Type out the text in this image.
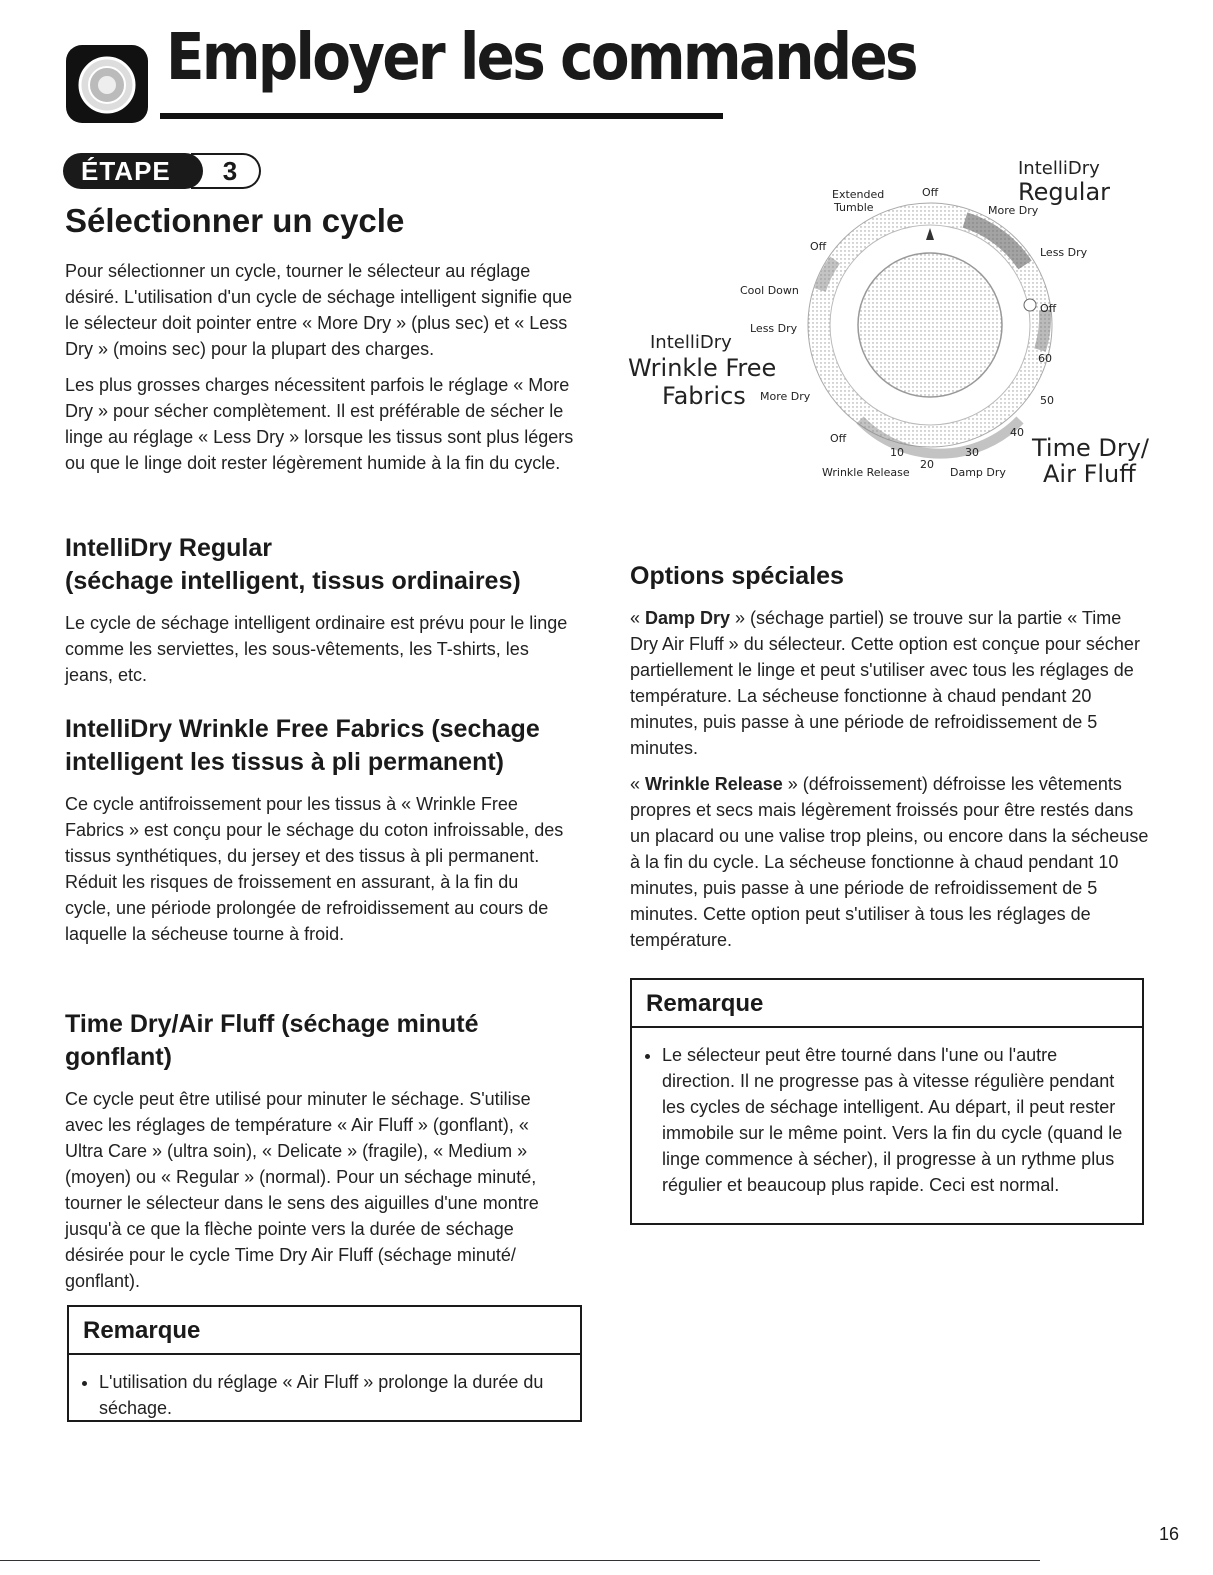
Employer les commandes
3
ÉTAPE
Sélectionner un cycle

Pour sélectionner un cycle, tourner le sélecteur au réglage désiré. L'utilisation d'un cycle de séchage intelligent signifie que le sélecteur doit pointer entre « More Dry » (plus sec) et « Less Dry » (moins sec) pour la plupart des charges.

Les plus grosses charges nécessitent parfois le réglage « More Dry » pour sécher complètement. Il est préférable de sécher le linge au réglage « Less Dry » lorsque les tissus sont plus légers ou que le linge doit rester légèrement humide à la fin du cycle.

IntelliDry Regular

(séchage intelligent, tissus ordinaires)

Le cycle de séchage intelligent ordinaire est prévu pour le linge comme les serviettes, les sous-vêtements, les T-shirts, les jeans, etc.

IntelliDry Wrinkle Free Fabrics (sechage intelligent les tissus à pli permanent)

Ce cycle antifroissement pour les tissus à « Wrinkle Free Fabrics » est conçu pour le séchage du coton infroissable, des tissus synthétiques, du jersey et des tissus à pli permanent. Réduit les risques de froissement en assurant, à la fin du cycle, une période prolongée de refroidissement au cours de laquelle la sécheuse tourne à froid.

Time Dry/Air Fluff (séchage minuté gonflant)

Ce cycle peut être utilisé pour minuter le séchage. S'utilise avec les réglages de température « Air Fluff » (gonflant), « Ultra Care » (ultra soin), « Delicate » (fragile), « Medium » (moyen) ou « Regular » (normal). Pour un séchage minuté, tourner le sélecteur dans le sens des aiguilles d'une montre jusqu'à ce que la flèche pointe vers la durée de séchage désirée pour le cycle Time Dry Air Fluff (séchage minuté/ gonflant).

Remarque
• L'utilisation du réglage « Air Fluff » prolonge la durée du séchage.
IntelliDry
Regular
Extended
Tumble
Off
More Dry
Less Dry
Off
Cool Down
Off
Less Dry
IntelliDry
Wrinkle Free
Fabrics More Dry
60
50
40
Off
10
20
30
Wrinkle Release	Damp Dry
Time Dry/
Air Fluff

Options spéciales

« Damp Dry » (séchage partiel) se trouve sur la partie « Time Dry Air Fluff » du sélecteur. Cette option est conçue pour sécher partiellement le linge et peut s'utiliser avec tous les réglages de température. La sécheuse fonctionne à chaud pendant 20 minutes, puis passe à une période de refroidissement de 5 minutes.

« Wrinkle Release » (défroissement) défroisse les vêtements propres et secs mais légèrement froissés pour être restés dans un placard ou une valise trop pleins, ou encore dans la sécheuse à la fin du cycle. La sécheuse fonctionne à chaud pendant 10 minutes, puis passe à une période de refroidissement de 5 minutes. Cette option peut s'utiliser à tous les réglages de température.

Remarque
• Le sélecteur peut être tourné dans l'une ou l'autre direction. Il ne progresse pas à vitesse régulière pendant les cycles de séchage intelligent. Au départ, il peut rester immobile sur le même point. Vers la fin du cycle (quand le linge commence à sécher), il progresse à un rythme plus régulier et beaucoup plus rapide. Ceci est normal.
16
